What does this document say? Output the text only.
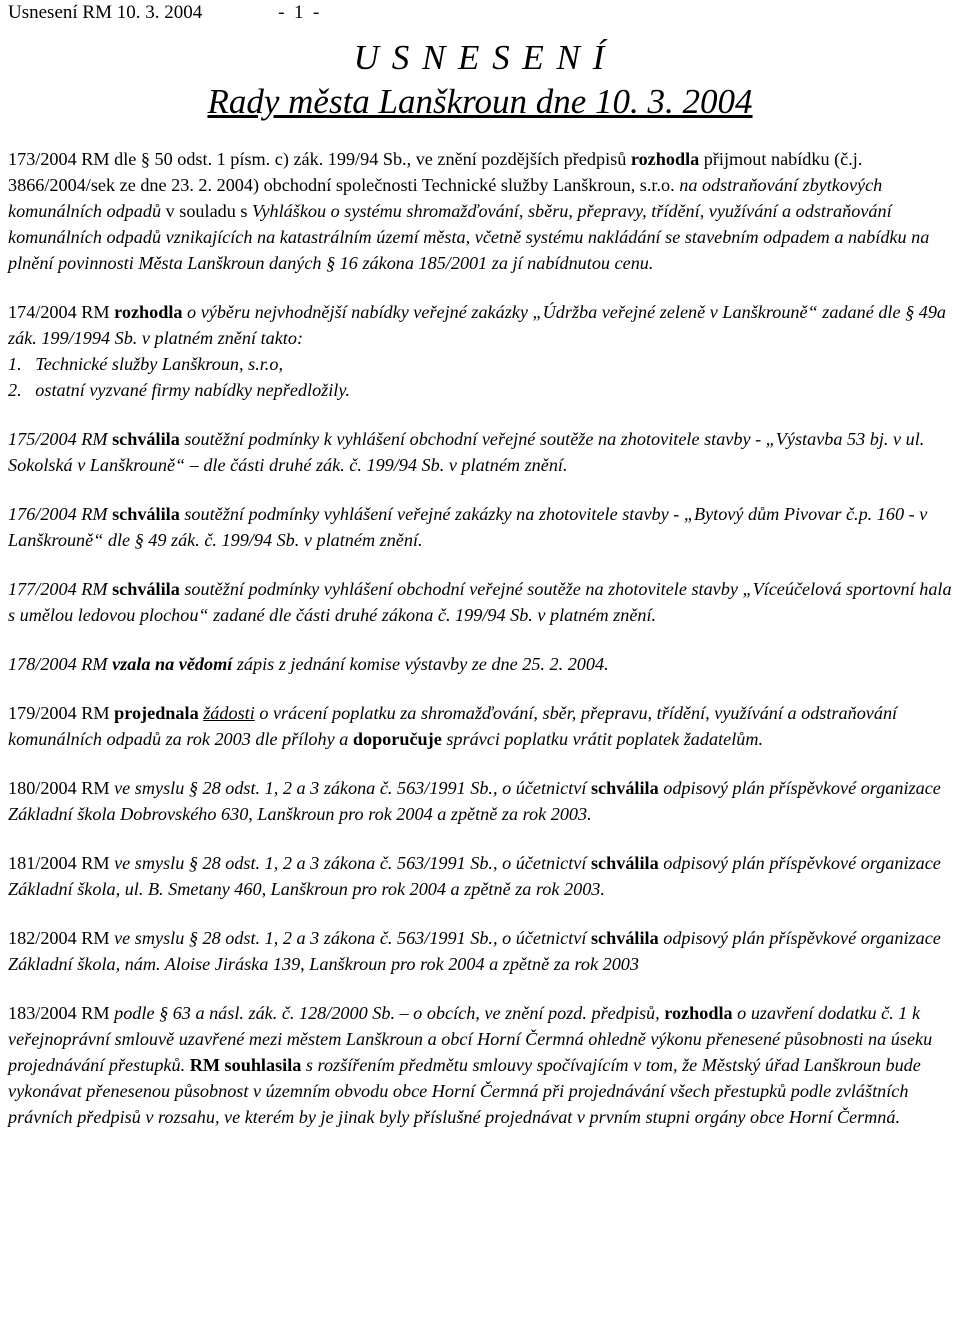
Usnesení RM 10. 3. 2004                -  1  -
U S N E S E N Í
Rady města Lanškroun dne 10. 3. 2004

173/2004 RM dle § 50 odst. 1 písm. c) zák. 199/94 Sb., ve znění pozdějších předpisů rozhodla přijmout nabídku (č.j. 3866/2004/sek ze dne 23. 2. 2004) obchodní společnosti Technické služby Lanškroun, s.r.o. na odstraňování zbytkových komunálních odpadů v souladu s Vyhláškou o systému shromažďování, sběru, přepravy, třídění, využívání a odstraňování komunálních odpadů vznikajících na katastrálním území města, včetně systému nakládání se stavebním odpadem a nabídku na plnění povinnosti Města Lanškroun daných § 16 zákona 185/2001 za jí nabídnutou cenu.

174/2004 RM rozhodla o výběru nejvhodnější nabídky veřejné zakázky „Údržba veřejné zeleně v Lanškrouně“ zadané dle § 49a zák. 199/1994 Sb. v platném znění takto:

1.   Technické služby Lanškroun, s.r.o,

2.   ostatní vyzvané firmy nabídky nepředložily.

175/2004 RM schválila soutěžní podmínky k vyhlášení obchodní veřejné soutěže na zhotovitele stavby - „Výstavba 53 bj. v ul. Sokolská v Lanškrouně“ – dle části druhé zák. č. 199/94 Sb. v platném znění.

176/2004 RM schválila soutěžní podmínky vyhlášení veřejné zakázky na zhotovitele stavby - „Bytový dům Pivovar č.p. 160 - v Lanškrouně“ dle § 49 zák. č. 199/94 Sb. v platném znění.

177/2004 RM schválila soutěžní podmínky vyhlášení obchodní veřejné soutěže na zhotovitele stavby „Víceúčelová sportovní hala s umělou ledovou plochou“ zadané dle části druhé zákona č. 199/94 Sb. v platném znění.

178/2004 RM vzala na vědomí zápis z jednání komise výstavby ze dne 25. 2. 2004.

179/2004 RM projednala žádosti o vrácení poplatku za shromažďování, sběr, přepravu, třídění, využívání a odstraňování komunálních odpadů za rok 2003 dle přílohy a doporučuje správci poplatku vrátit poplatek žadatelům.

180/2004 RM ve smyslu § 28 odst. 1, 2 a 3 zákona č. 563/1991 Sb., o účetnictví schválila odpisový plán příspěvkové organizace Základní škola Dobrovského 630, Lanškroun pro rok 2004 a zpětně za rok 2003.

181/2004 RM ve smyslu § 28 odst. 1, 2 a 3 zákona č. 563/1991 Sb., o účetnictví schválila odpisový plán příspěvkové organizace Základní škola, ul. B. Smetany 460, Lanškroun pro rok 2004 a zpětně za rok 2003.

182/2004 RM ve smyslu § 28 odst. 1, 2 a 3 zákona č. 563/1991 Sb., o účetnictví schválila odpisový plán příspěvkové organizace Základní škola, nám. Aloise Jiráska 139, Lanškroun pro rok 2004 a zpětně za rok 2003

183/2004 RM podle § 63 a násl. zák. č. 128/2000 Sb. – o obcích, ve znění pozd. předpisů, rozhodla o uzavření dodatku č. 1 k veřejnoprávní smlouvě uzavřené mezi městem Lanškroun a obcí Horní Čermná ohledně výkonu přenesené působnosti na úseku projednávání přestupků. RM souhlasila s rozšířením předmětu smlouvy spočívajícím v tom, že Městský úřad Lanškroun bude vykonávat přenesenou působnost v územním obvodu obce Horní Čermná při projednávání všech přestupků podle zvláštních právních předpisů v rozsahu, ve kterém by je jinak byly příslušné projednávat v prvním stupni orgány obce Horní Čermná.
